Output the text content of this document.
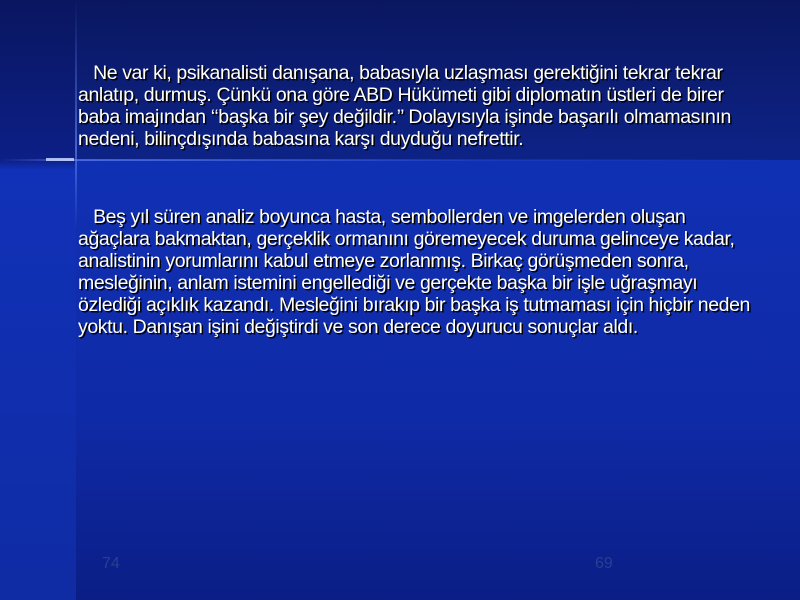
Ne var ki, psikanalisti danışana, babasıyla uzlaşması gerektiğini tekrar tekrar anlatıp, durmuş. Çünkü ona göre ABD Hükümeti gibi diplomatın üstleri de birer baba imajından ‘‘başka bir şey değildir.’’ Dolayısıyla işinde başarılı olmamasının nedeni, bilinçdışında babasına karşı duyduğu nefrettir.

Beş yıl süren analiz boyunca hasta, sembollerden ve imgelerden oluşan ağaçlara bakmaktan, gerçeklik ormanını göremeyecek duruma gelinceye kadar, analistinin yorumlarını kabul etmeye zorlanmış. Birkaç görüşmeden sonra, mesleğinin, anlam istemini engellediği ve gerçekte başka bir işle uğraşmayı özlediği açıklık kazandı. Mesleğini bırakıp bir başka iş tutmaması için hiçbir neden yoktu. Danışan işini değiştirdi ve son derece doyurucu sonuçlar aldı.

74	69
